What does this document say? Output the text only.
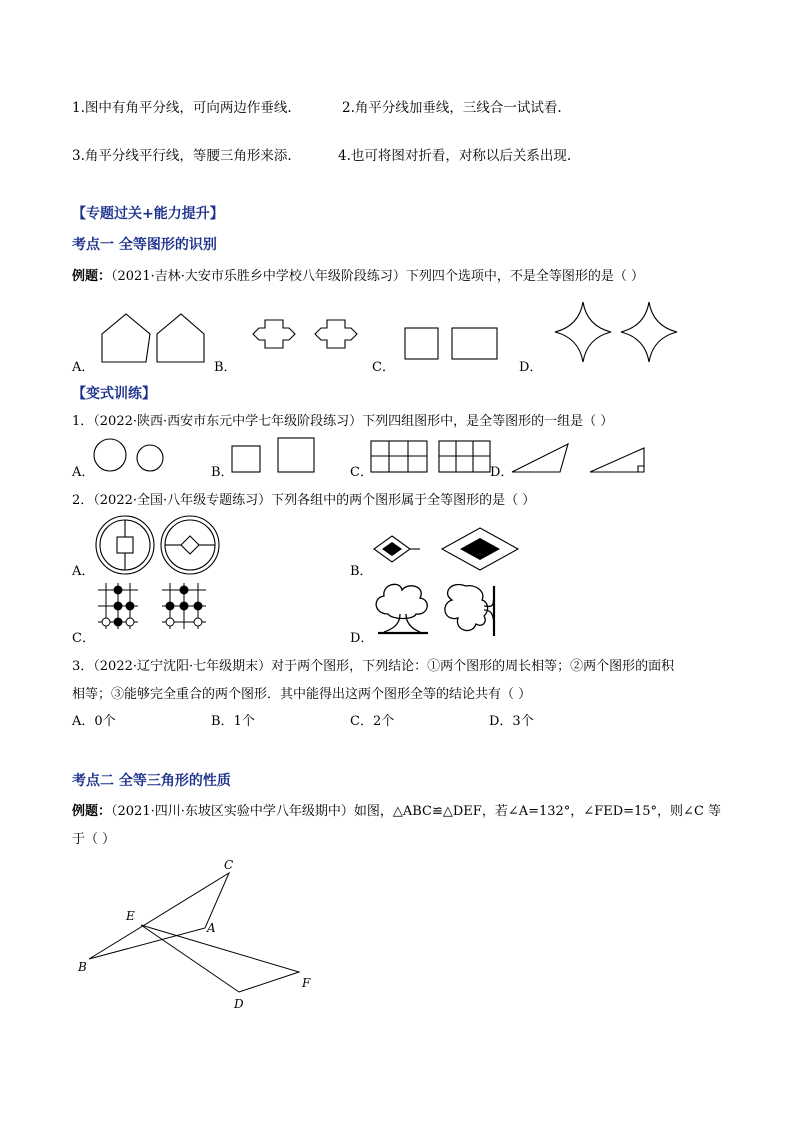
1.图中有角平分线，可向两边作垂线.	2.角平分线加垂线，三线合一试试看.
3.角平分线平行线，等腰三角形来添.	4.也可将图对折看，对称以后关系出现.
【专题过关+能力提升】
考点一 全等图形的识别
例题：（2021·吉林·大安市乐胜乡中学校八年级阶段练习）下列四个选项中，不是全等图形的是（ ）
A．	B．	C．	D．
【变式训练】
1．（2022·陕西·西安市东元中学七年级阶段练习）下列四组图形中，是全等图形的一组是（ ）
A．	B．	C．	D．
2．（2022·全国·八年级专题练习）下列各组中的两个图形属于全等图形的是（ ）
A．	B．
C．	D．
3．（2022·辽宁沈阳·七年级期末）对于两个图形，下列结论：①两个图形的周长相等；②两个图形的面积
相等；③能够完全重合的两个图形．其中能得出这两个图形全等的结论共有（ ）
A．0个	B．1个	C．2个	D．3个
考点二 全等三角形的性质
例题：（2021·四川·东坡区实验中学八年级期中）如图，△ABC≌△DEF，若∠A=132°，∠FED=15°，则∠C 等
于（ ）
C
E
A
B
F
D
